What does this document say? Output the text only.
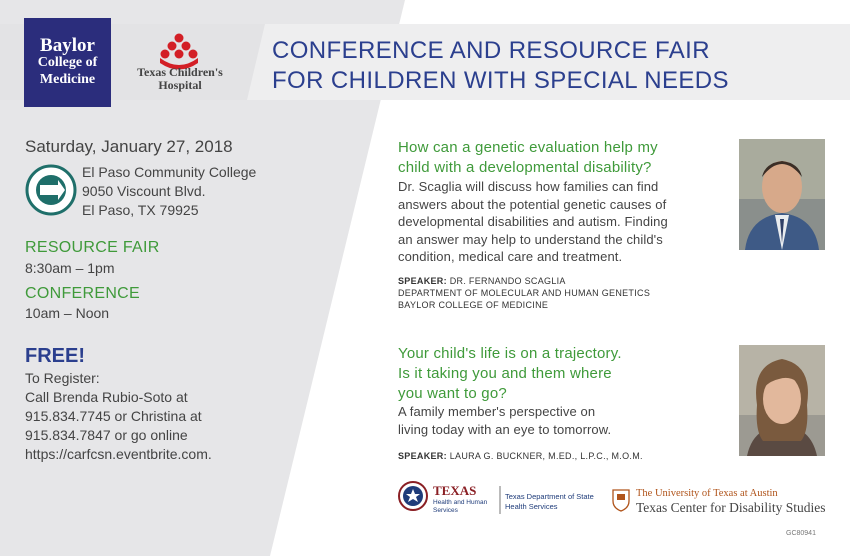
Baylor
College of
Medicine	Texas Children's
Hospital
CONFERENCE AND RESOURCE FAIR
FOR CHILDREN WITH SPECIAL NEEDS
Saturday, January 27, 2018
El Paso Community College
9050 Viscount Blvd.
El Paso, TX 79925
RESOURCE FAIR
8:30am – 1pm
CONFERENCE
10am – Noon
FREE!
To Register:
Call Brenda Rubio-Soto at
915.834.7745 or Christina at
915.834.7847 or go online
https://carfcsn.eventbrite.com.
How can a genetic evaluation help my
child with a developmental disability?
Dr. Scaglia will discuss how families can find
answers about the potential genetic causes of
developmental disabilities and autism. Finding
an answer may help to understand the child's
condition, medical care and treatment.
SPEAKER: DR. FERNANDO SCAGLIA
DEPARTMENT OF MOLECULAR AND HUMAN GENETICS
BAYLOR COLLEGE OF MEDICINE
Your child's life is on a trajectory.
Is it taking you and them where
you want to go?
A family member's perspective on
living today with an eye to tomorrow.
SPEAKER: LAURA G. BUCKNER, M.ED., L.P.C., M.O.M.
TEXAS
Health and Human
Services
Texas Department of State
Health Services
The University of Texas at Austin
Texas Center for Disability Studies
GC80941
